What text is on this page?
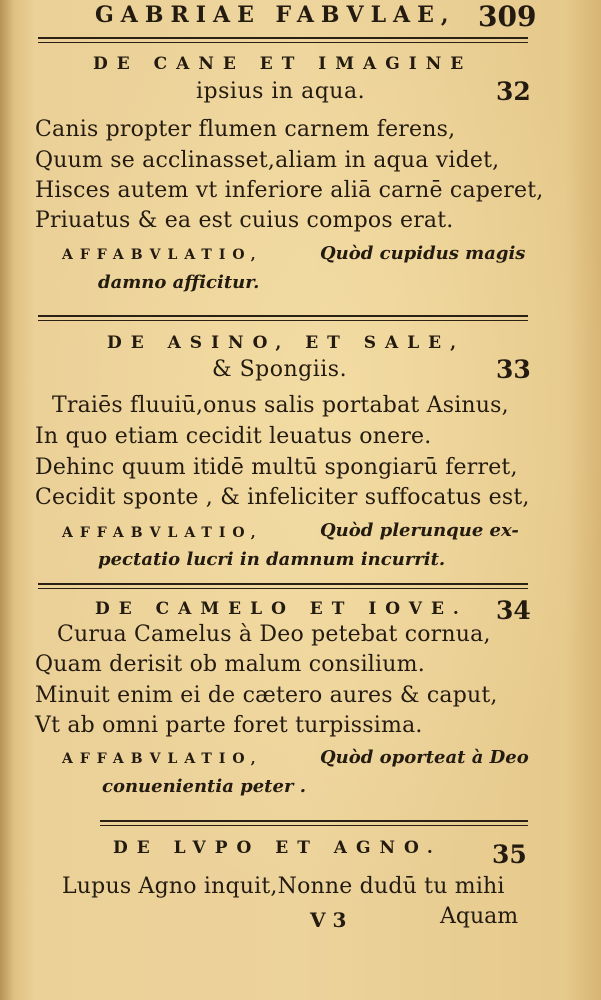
GABRIAE FABVLAE, 309
DE CANE ET IMAGINE
ipsius in aqua.	32
Canis propter flumen carnem ferens,
Quum se acclinasset,aliam in aqua videt,
Hisces autem vt inferiore aliā carnē caperet,
Priuatus & ea est cuius compos erat.
AFFABVLATIO,	Quòd cupidus magis
damno afficitur.
DE ASINO, ET SALE,
& Spongiis.	33
Traiēs fluuiū,onus salis portabat Asinus,
In quo etiam cecidit leuatus onere.
Dehinc quum itidē multū spongiarū ferret,
Cecidit sponte , & infeliciter suffocatus est,
AFFABVLATIO,	Quòd plerunque ex-
pectatio lucri in damnum incurrit.
DE CAMELO ET IOVE. 34
Curua Camelus à Deo petebat cornua,
Quam derisit ob malum consilium.
Minuit enim ei de cætero aures & caput,
Vt ab omni parte foret turpissima.
AFFABVLATIO,	Quòd oporteat à Deo
conuenientia peter .
DE LVPO ET AGNO. 35
Lupus Agno inquit,Nonne dudū tu mihi
V 3	Aquam
